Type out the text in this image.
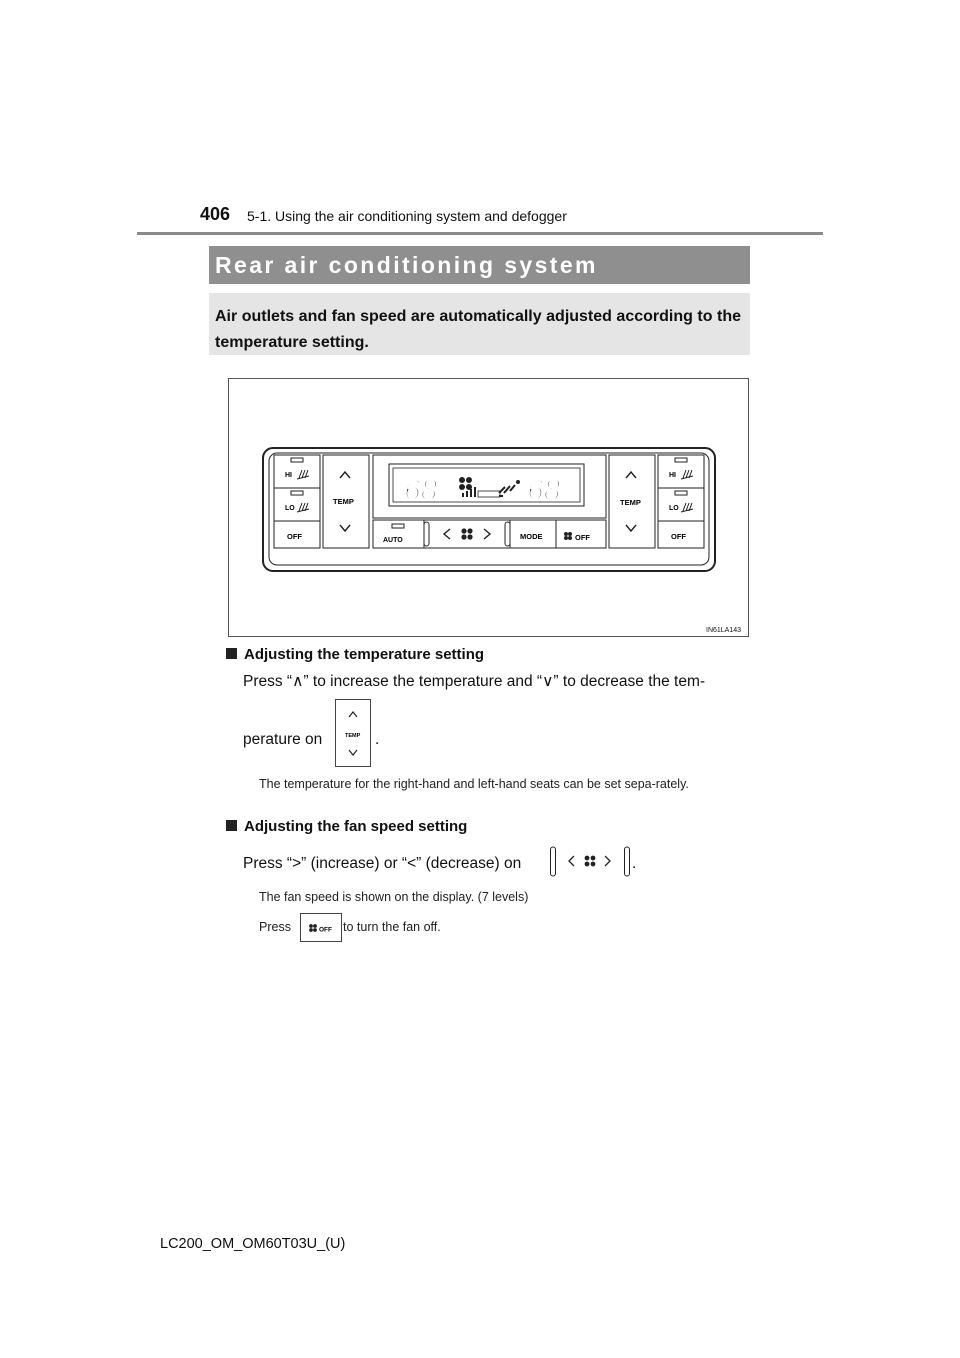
406 5-1. Using the air conditioning system and defogger
Rear air conditioning system
Air outlets and fan speed are automatically adjusted according to the temperature setting.
HI
LO
OFF
TEMP 68	68
AUTO	MODE	OFF
TEMP
HI
LO
OFF
IN61LA143
Adjusting the temperature setting
Press “∧” to increase the temperature and “∨” to decrease the tem-
perature on	.
TEMP
The temperature for the right-hand and left-hand seats can be set sepa-rately.
Adjusting the fan speed setting
Press “>” (increase) or “<” (decrease) on	.
The fan speed is shown on the display. (7 levels)
Press	to turn the fan off.
OFF
LC200_OM_OM60T03U_(U)
